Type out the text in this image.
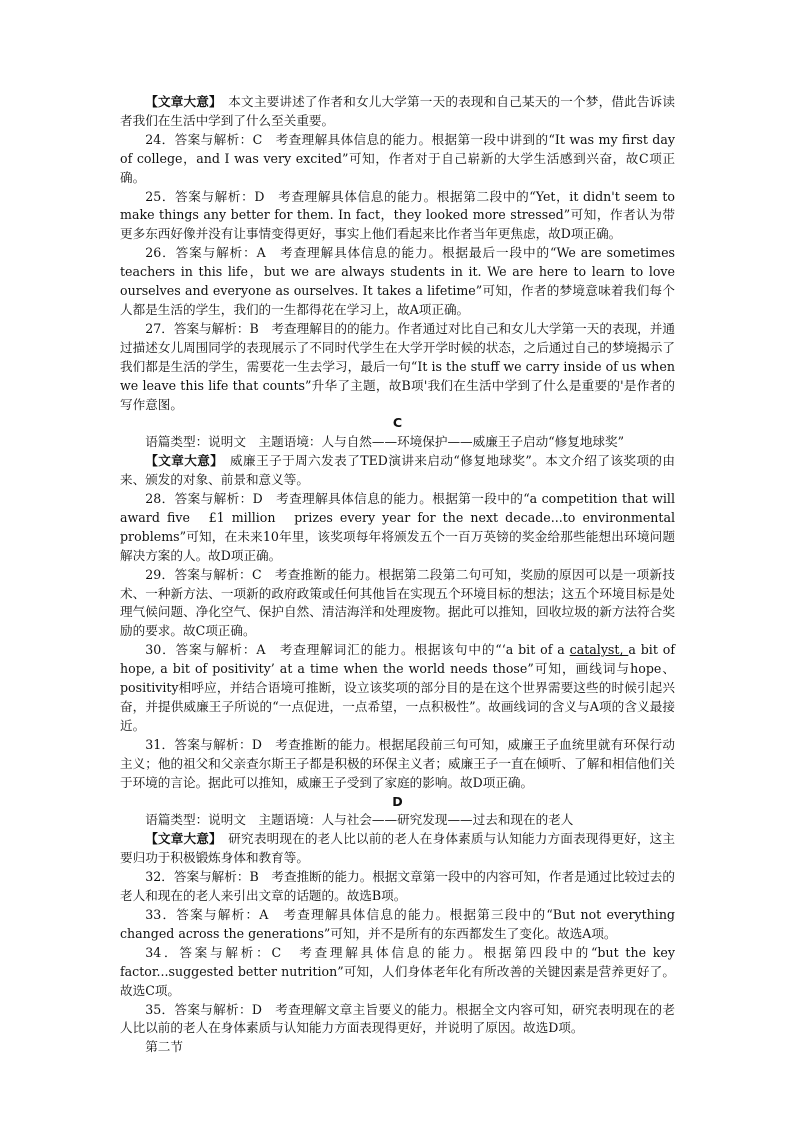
【文章大意】　 本文主要讲述了作者和女儿大学第一天的表现和自己某天的一个梦，借此告诉读者我们在生活中学到了什么至关重要。

24．答案与解析：C　考查理解具体信息的能力。根据第一段中讲到的“It was my first day of college，and I was very excited”可知，作者对于自己崭新的大学生活感到兴奋，故C项正确。

25．答案与解析：D　考查理解具体信息的能力。根据第二段中的“Yet，it didn't seem to make things any better for them. In fact，they looked more stressed”可知，作者认为带更多东西好像并没有让事情变得更好，事实上他们看起来比作者当年更焦虑，故D项正确。

26．答案与解析：A　考查理解具体信息的能力。根据最后一段中的“We are sometimes teachers in this life，but we are always students in it. We are here to learn to love ourselves and everyone as ourselves. It takes a lifetime”可知，作者的梦境意味着我们每个人都是生活的学生，我们的一生都得花在学习上，故A项正确。

27．答案与解析：B　考查理解目的的能力。作者通过对比自己和女儿大学第一天的表现，并通过描述女儿周围同学的表现展示了不同时代学生在大学开学时候的状态，之后通过自己的梦境揭示了我们都是生活的学生，需要花一生去学习，最后一句“It is the stuff we carry inside of us when we leave this life that counts”升华了主题，故B项'我们在生活中学到了什么是重要的'是作者的写作意图。

C

语篇类型：说明文　主题语境：人与自然——环境保护——威廉王子启动“修复地球奖”

【文章大意】　 威廉王子于周六发表了TED演讲来启动“修复地球奖”。本文介绍了该奖项的由来、颁发的对象、前景和意义等。

28．答案与解析：D　考查理解具体信息的能力。根据第一段中的“a competition that will award five　£1 million　prizes every year for the next decade...to environmental problems”可知，在未来10年里，该奖项每年将颁发五个一百万英镑的奖金给那些能想出环境问题解决方案的人。故D项正确。

29．答案与解析：C　考查推断的能力。根据第二段第二句可知，奖励的原因可以是一项新技术、一种新方法、一项新的政府政策或任何其他旨在实现五个环境目标的想法；这五个环境目标是处理气候问题、净化空气、保护自然、清洁海洋和处理废物。据此可以推知，回收垃圾的新方法符合奖励的要求。故C项正确。

30．答案与解析：A　考查理解词汇的能力。根据该句中的“‘a bit of a catalyst, a bit of hope, a bit of positivity’ at a time when the world needs those”可知，画线词与hope、positivity相呼应，并结合语境可推断，设立该奖项的部分目的是在这个世界需要这些的时候引起兴奋，并提供威廉王子所说的“一点促进，一点希望，一点积极性”。故画线词的含义与A项的含义最接近。

31．答案与解析：D　考查推断的能力。根据尾段前三句可知，威廉王子血统里就有环保行动主义；他的祖父和父亲查尔斯王子都是积极的环保主义者；威廉王子一直在倾听、了解和相信他们关于环境的言论。据此可以推知，威廉王子受到了家庭的影响。故D项正确。

D

语篇类型：说明文　主题语境：人与社会——研究发现——过去和现在的老人

【文章大意】　 研究表明现在的老人比以前的老人在身体素质与认知能力方面表现得更好，这主要归功于积极锻炼身体和教育等。

32．答案与解析：B　考查推断的能力。根据文章第一段中的内容可知，作者是通过比较过去的老人和现在的老人来引出文章的话题的。故选B项。

33．答案与解析：A　考查理解具体信息的能力。根据第三段中的“But not everything changed across the generations”可知，并不是所有的东西都发生了变化。故选A项。

34．答案与解析：C　考查理解具体信息的能力。根据第四段中的“but the key factor...suggested better nutrition”可知，人们身体老年化有所改善的关键因素是营养更好了。故选C项。

35．答案与解析：D　考查理解文章主旨要义的能力。根据全文内容可知，研究表明现在的老人比以前的老人在身体素质与认知能力方面表现得更好，并说明了原因。故选D项。

第二节
